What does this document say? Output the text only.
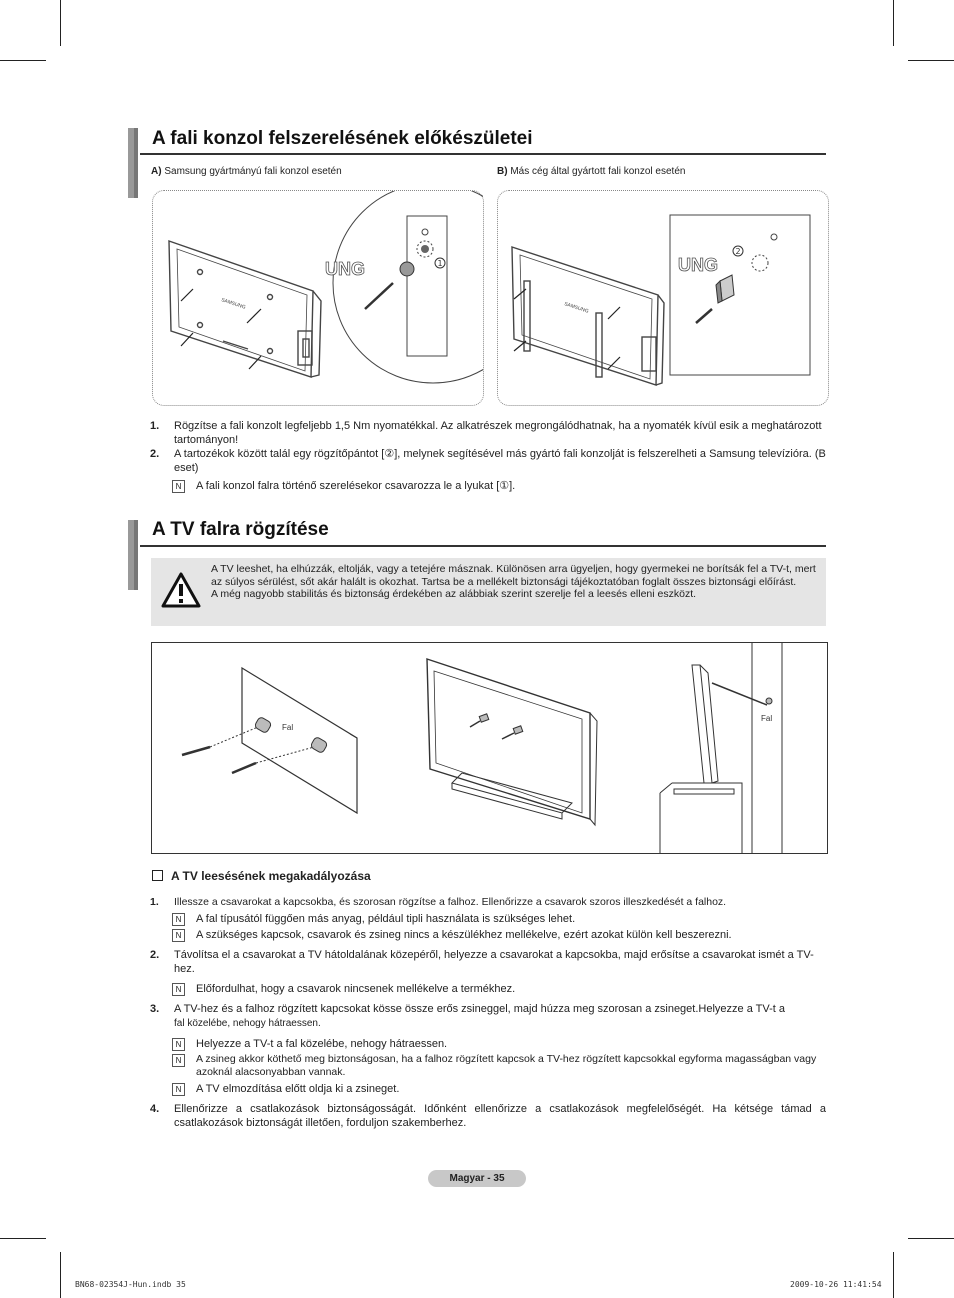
A fali konzol felszerelésének előkészületei
A) Samsung gyártmányú fali konzol esetén	B) Más cég által gyártott fali konzol esetén
SAMSUNG
1
UNG
SAMSUNG
2
UNG
1. Rögzítse a fali konzolt legfeljebb 1,5 Nm nyomatékkal. Az alkatrészek megrongálódhatnak, ha a nyomaték kívül esik a meghatározott tartományon!
2. A tartozékok között talál egy rögzítőpántot [②], melynek segítésével más gyártó fali konzolját is felszerelheti a Samsung televízióra. (B eset)
N	A fali konzol falra történő szerelésekor csavarozza le a lyukat [①].
A TV falra rögzítése
A TV leeshet, ha elhúzzák, eltolják, vagy a tetejére másznak. Különösen arra ügyeljen, hogy gyermekei ne borítsák fel a TV-t, mert az súlyos sérülést, sőt akár halált is okozhat. Tartsa be a mellékelt biztonsági tájékoztatóban foglalt összes biztonsági előírást.
A még nagyobb stabilitás és biztonság érdekében az alábbiak szerint szerelje fel a leesés elleni eszközt.
Fal
Fal
A TV leesésének megakadályozása
1. Illessze a csavarokat a kapcsokba, és szorosan rögzítse a falhoz. Ellenőrizze a csavarok szoros illeszkedését a falhoz.
N	A fal típusától függően más anyag, például tipli használata is szükséges lehet.
N	A szükséges kapcsok, csavarok és zsineg nincs a készülékhez mellékelve, ezért azokat külön kell beszerezni.
2. Távolítsa el a csavarokat a TV hátoldalának közepéről, helyezze a csavarokat a kapcsokba, majd erősítse a csavarokat ismét a TV-hez.
N	Előfordulhat, hogy a csavarok nincsenek mellékelve a termékhez.
3. A TV-hez és a falhoz rögzített kapcsokat kösse össze erős zsineggel, majd húzza meg szorosan a zsineget.Helyezze a TV-t a
fal közelébe, nehogy hátraessen.
N	Helyezze a TV-t a fal közelébe, nehogy hátraessen.
N	A zsineg akkor köthető meg biztonságosan, ha a falhoz rögzített kapcsok a TV-hez rögzített kapcsokkal egyforma magasságban vagy azoknál alacsonyabban vannak.
N	A TV elmozdítása előtt oldja ki a zsineget.
4. Ellenőrizze a csatlakozások biztonságosságát. Időnként ellenőrizze a csatlakozások megfelelőségét. Ha kétsége támad a csatlakozások biztonságát illetően, forduljon szakemberhez.
Magyar - 35
BN68-02354J-Hun.indb 35	2009-10-26 11:41:54
